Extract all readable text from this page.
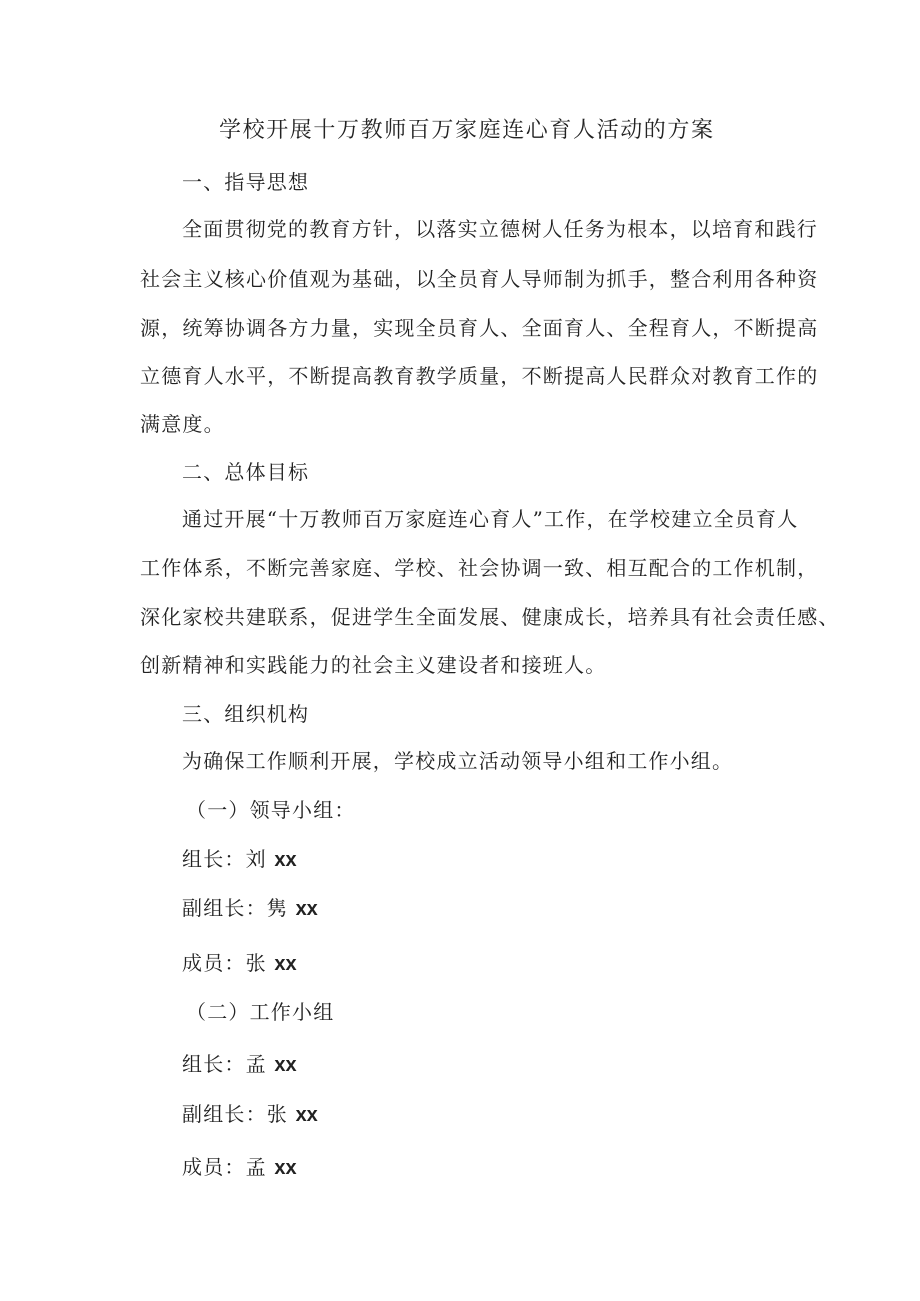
学校开展十万教师百万家庭连心育人活动的方案
一、指导思想
全面贯彻党的教育方针，以落实立德树人任务为根本，以培育和践行
社会主义核心价值观为基础，以全员育人导师制为抓手，整合利用各种资
源，统筹协调各方力量，实现全员育人、全面育人、全程育人，不断提高
立德育人水平，不断提高教育教学质量，不断提高人民群众对教育工作的
满意度。
二、总体目标
通过开展“十万教师百万家庭连心育人”工作，在学校建立全员育人
工作体系，不断完善家庭、学校、社会协调一致、相互配合的工作机制，
深化家校共建联系，促进学生全面发展、健康成长，培养具有社会责任感、
创新精神和实践能力的社会主义建设者和接班人。
三、组织机构
为确保工作顺利开展，学校成立活动领导小组和工作小组。
（一）领导小组：
组长：刘 xx
副组长：隽 xx
成员：张 xx
（二）工作小组
组长：孟 xx
副组长：张 xx
成员：孟 xx
